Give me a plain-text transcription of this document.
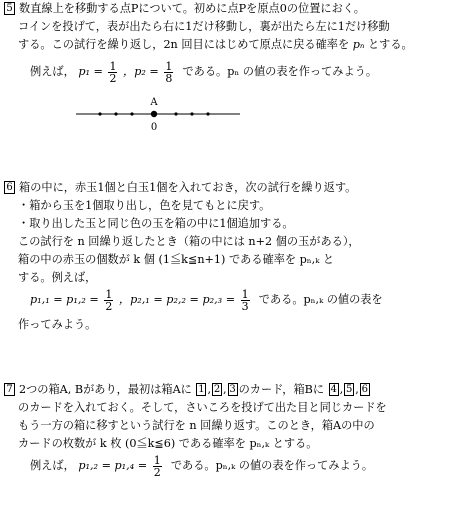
5 数直線上を移動する点Pについて。初めに点Pを原点0の位置におく。
コインを投げて，表が出たら右に1だけ移動し，裏が出たら左に1だけ移動
する。この試行を繰り返し，2n 回目にはじめて原点に戻る確率を pₙ とする。
例えば， $p_1 = \frac{1}{2}$ ，$p_2 = \frac{1}{8}$ である。pₙ の値の表を作ってみよう。
A
0
6 箱の中に，赤玉1個と白玉1個を入れておき，次の試行を繰り返す。
・箱から玉を1個取り出し，色を見てもとに戻す。
・取り出した玉と同じ色の玉を箱の中に1個追加する。
この試行を n 回繰り返したとき（箱の中には n+2 個の玉がある），
箱の中の赤玉の個数が k 個 (1≦k≦n+1) である確率を pₙ,ₖ と
する。例えば，
$p_1,_1 = p_1,_2 = \frac{1}{2}$ ，$p_2,_1 = p_2,_2 = p_2,_3 = \frac{1}{3}$ である。pₙ,ₖ の値の表を
作ってみよう。
7 2つの箱A, Bがあり，最初は箱Aに 1 , 2 , 3 のカード，箱Bに 4 , 5 , 6
のカードを入れておく。そして，さいころを投げて出た目と同じカードを
もう一方の箱に移すという試行を n 回繰り返す。このとき，箱Aの中の
カードの枚数が k 枚 (0≦k≦6) である確率を pₙ,ₖ とする。
例えば， $p_1,_2 = p_1,_4 = \frac{1}{2}$ である。pₙ,ₖ の値の表を作ってみよう。
